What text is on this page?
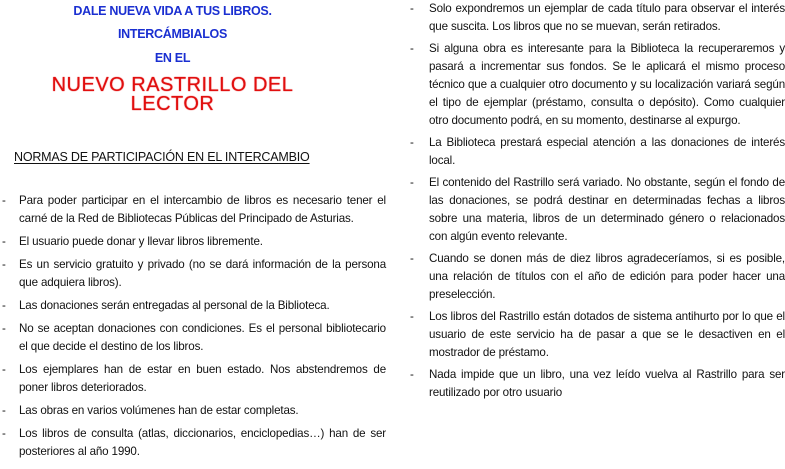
DALE NUEVA VIDA A TUS LIBROS.
INTERCÁMBIALOS
EN EL
NUEVO RASTRILLO DEL
LECTOR
NORMAS DE PARTICIPACIÓN EN EL INTERCAMBIO
-	Para poder participar en el intercambio de libros es necesario tener el carné de la Red de Bibliotecas Públicas del Principado de Asturias.
-	El usuario puede donar y llevar libros libremente.
-	Es un servicio gratuito y privado (no se dará información de la persona que adquiera libros).
-	Las donaciones serán entregadas al personal de la Biblioteca.
-	No se aceptan donaciones con condiciones. Es el personal bibliotecario el que decide el destino de los libros.
-	Los ejemplares han de estar en buen estado. Nos abstendremos de poner libros deteriorados.
-	Las obras en varios volúmenes han de estar completas.
-	Los libros de consulta (atlas, diccionarios, enciclopedias…) han de ser posteriores al año 1990.
-	Solo expondremos un ejemplar de cada título para observar el interés que suscita. Los libros que no se muevan, serán retirados.
-	Si alguna obra es interesante para la Biblioteca la recuperaremos y pasará a incrementar sus fondos. Se le aplicará el mismo proceso técnico que a cualquier otro documento y su localización variará según el tipo de ejemplar (préstamo, consulta o depósito). Como cualquier otro documento podrá, en su momento, destinarse al expurgo.
-	La Biblioteca prestará especial atención a las donaciones de interés local.
-	El contenido del Rastrillo será variado. No obstante, según el fondo de las donaciones, se podrá destinar en determinadas fechas a libros sobre una materia, libros de un determinado género o relacionados con algún evento relevante.
-	Cuando se donen más de diez libros agradeceríamos, si es posible, una relación de títulos con el año de edición para poder hacer una preselección.
-	Los libros del Rastrillo están dotados de sistema antihurto por lo que el usuario de este servicio ha de pasar a que se le desactiven en el mostrador de préstamo.
-	Nada impide que un libro, una vez leído vuelva al Rastrillo para ser reutilizado por otro usuario
